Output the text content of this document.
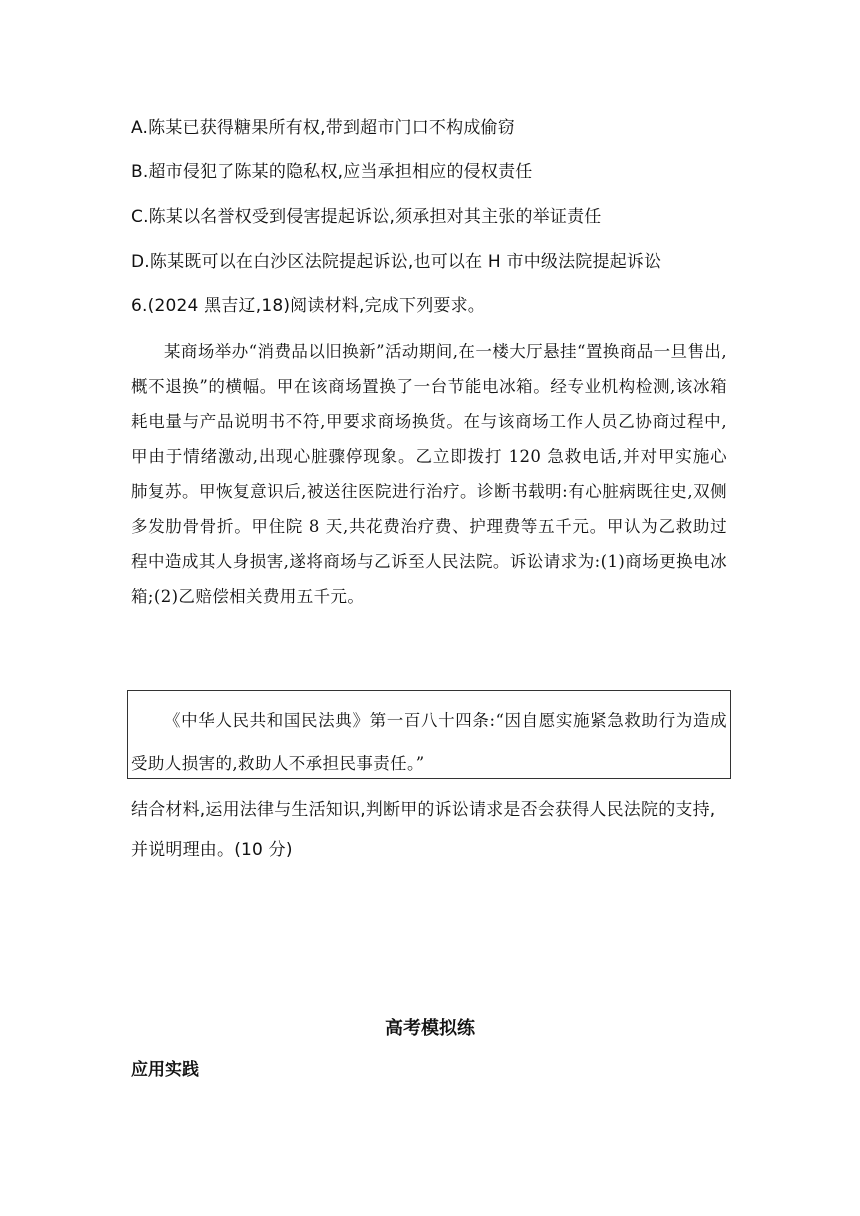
A.陈某已获得糖果所有权,带到超市门口不构成偷窃
B.超市侵犯了陈某的隐私权,应当承担相应的侵权责任
C.陈某以名誉权受到侵害提起诉讼,须承担对其主张的举证责任
D.陈某既可以在白沙区法院提起诉讼,也可以在 H 市中级法院提起诉讼
6.(2024 黑吉辽,18)阅读材料,完成下列要求。
某商场举办“消费品以旧换新”活动期间,在一楼大厅悬挂“置换商品一旦售出,概不退换”的横幅。甲在该商场置换了一台节能电冰箱。经专业机构检测,该冰箱耗电量与产品说明书不符,甲要求商场换货。在与该商场工作人员乙协商过程中,甲由于情绪激动,出现心脏骤停现象。乙立即拨打 120 急救电话,并对甲实施心肺复苏。甲恢复意识后,被送往医院进行治疗。诊断书载明:有心脏病既往史,双侧多发肋骨骨折。甲住院 8 天,共花费治疗费、护理费等五千元。甲认为乙救助过程中造成其人身损害,遂将商场与乙诉至人民法院。诉讼请求为:(1)商场更换电冰箱;(2)乙赔偿相关费用五千元。
《中华人民共和国民法典》第一百八十四条:“因自愿实施紧急救助行为造成受助人损害的,救助人不承担民事责任。”
结合材料,运用法律与生活知识,判断甲的诉讼请求是否会获得人民法院的支持,并说明理由。(10 分)
高考模拟练
应用实践
